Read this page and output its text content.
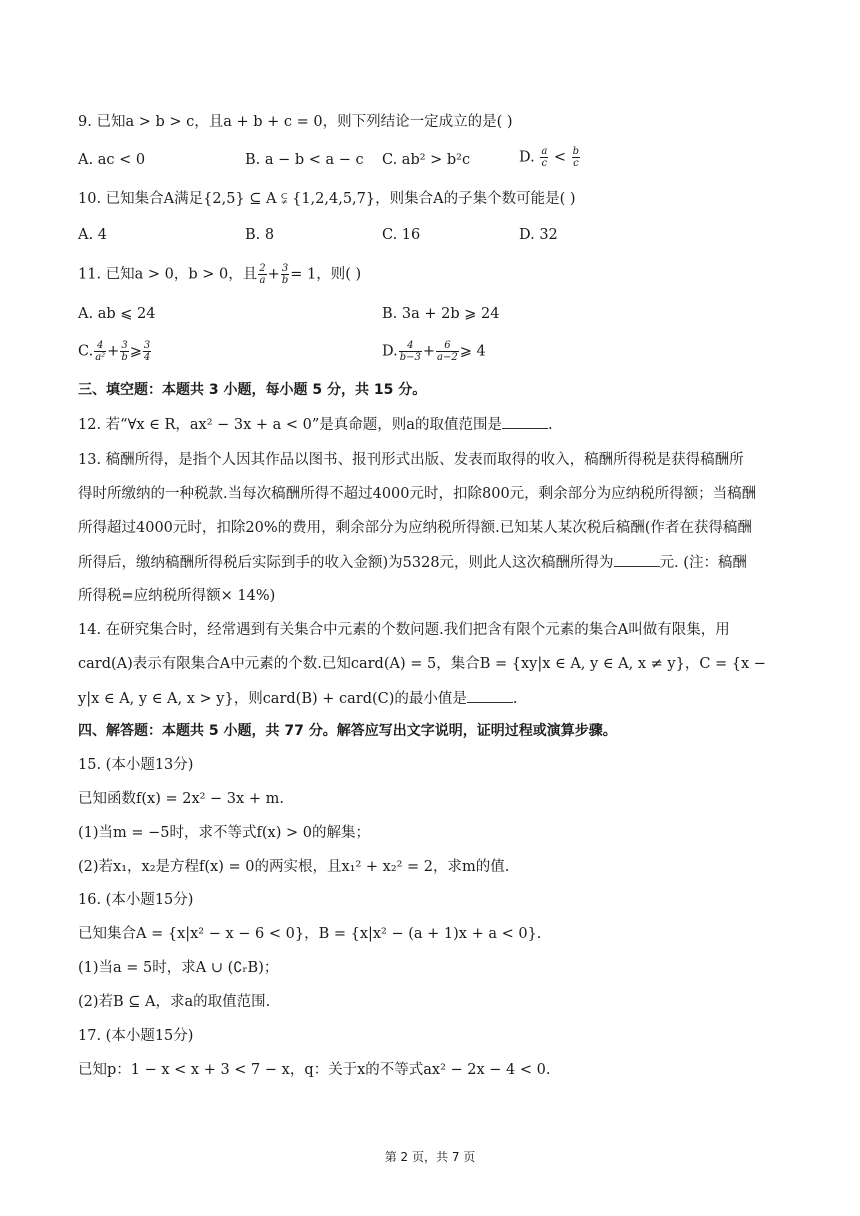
9. 已知a > b > c，且a + b + c = 0，则下列结论一定成立的是( )
A. ac < 0	B. a − b < a − c C. ab² > b²c	D. $\frac{a}{c} < \frac{b}{c}$
10. 已知集合A满足{2,5} ⊆ A ⫋ {1,2,4,5,7}，则集合A的子集个数可能是( )
A. 4	B. 8	C. 16	D. 32
11. 已知a > 0，b > 0，且 $\frac{2}{a} + \frac{3}{b} = 1$，则( )
A. ab ⩽ 24	B. 3a + 2b ⩾ 24
C. $\frac{4}{\text{a²}} + \frac{3}{b}$ ⩾ $\frac{3}{4}$	D. $\frac{4}{b-3} + \frac{6}{a-2}$ ⩾ 4
三、填空题：本题共 3 小题，每小题 5 分，共 15 分。
12. 若“∀x ∈ R，ax² − 3x + a < 0”是真命题，则a的取值范围是	.
13. 稿酬所得，是指个人因其作品以图书、报刊形式出版、发表而取得的收入，稿酬所得税是获得稿酬所
得时所缴纳的一种税款.当每次稿酬所得不超过4000元时，扣除800元，剩余部分为应纳税所得额；当稿酬
所得超过4000元时，扣除20%的费用，剩余部分为应纳税所得额.已知某人某次税后稿酬(作者在获得稿酬
所得后，缴纳稿酬所得税后实际到手的收入金额)为5328元，则此人这次稿酬所得为	元. (注：稿酬
所得税=应纳税所得额× 14%)
14. 在研究集合时，经常遇到有关集合中元素的个数问题.我们把含有限个元素的集合A叫做有限集，用
card(A)表示有限集合A中元素的个数.已知card(A) = 5，集合B = {xy|x ∈ A, y ∈ A, x ≠ y}，C = {x −
y|x ∈ A, y ∈ A, x > y}，则card(B) + card(C)的最小值是	.
四、解答题：本题共 5 小题，共 77 分。解答应写出文字说明，证明过程或演算步骤。
15. (本小题13分)
已知函数f(x) = 2x² − 3x + m.
(1)当m = −5时，求不等式f(x) > 0的解集；
(2)若x₁，x₂是方程f(x) = 0的两实根，且x₁² + x₂² = 2，求m的值.
16. (本小题15分)
已知集合A = {x|x² − x − 6 < 0}，B = {x|x² − (a + 1)x + a < 0}.
(1)当a = 5时，求A ∪ (∁ᵣB)；
(2)若B ⊆ A，求a的取值范围.
17. (本小题15分)
已知p：1 − x < x + 3 < 7 − x，q：关于x的不等式ax² − 2x − 4 < 0.
第 2 页，共 7 页
